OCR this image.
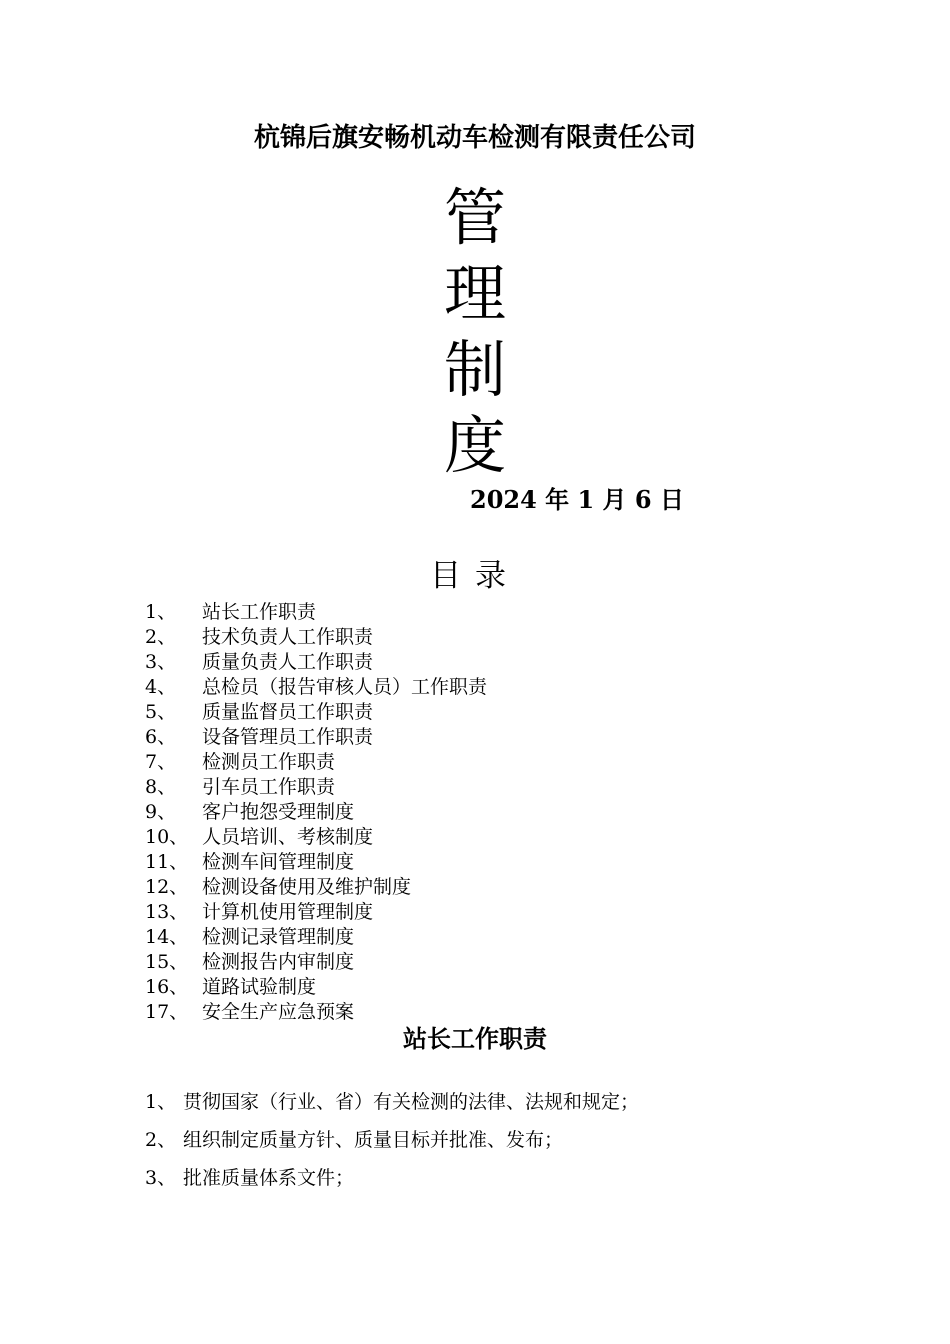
杭锦后旗安畅机动车检测有限责任公司
管
理
制
度
2024 年 1 月 6 日
目录
1、 站长工作职责
2、 技术负责人工作职责
3、 质量负责人工作职责
4、 总检员（报告审核人员）工作职责
5、 质量监督员工作职责
6、 设备管理员工作职责
7、 检测员工作职责
8、 引车员工作职责
9、 客户抱怨受理制度
10、 人员培训、考核制度
11、 检测车间管理制度
12、 检测设备使用及维护制度
13、 计算机使用管理制度
14、 检测记录管理制度
15、 检测报告内审制度
16、 道路试验制度
17、 安全生产应急预案
站长工作职责
1、 贯彻国家（行业、省）有关检测的法律、法规和规定；
2、 组织制定质量方针、质量目标并批准、发布；
3、 批准质量体系文件；
